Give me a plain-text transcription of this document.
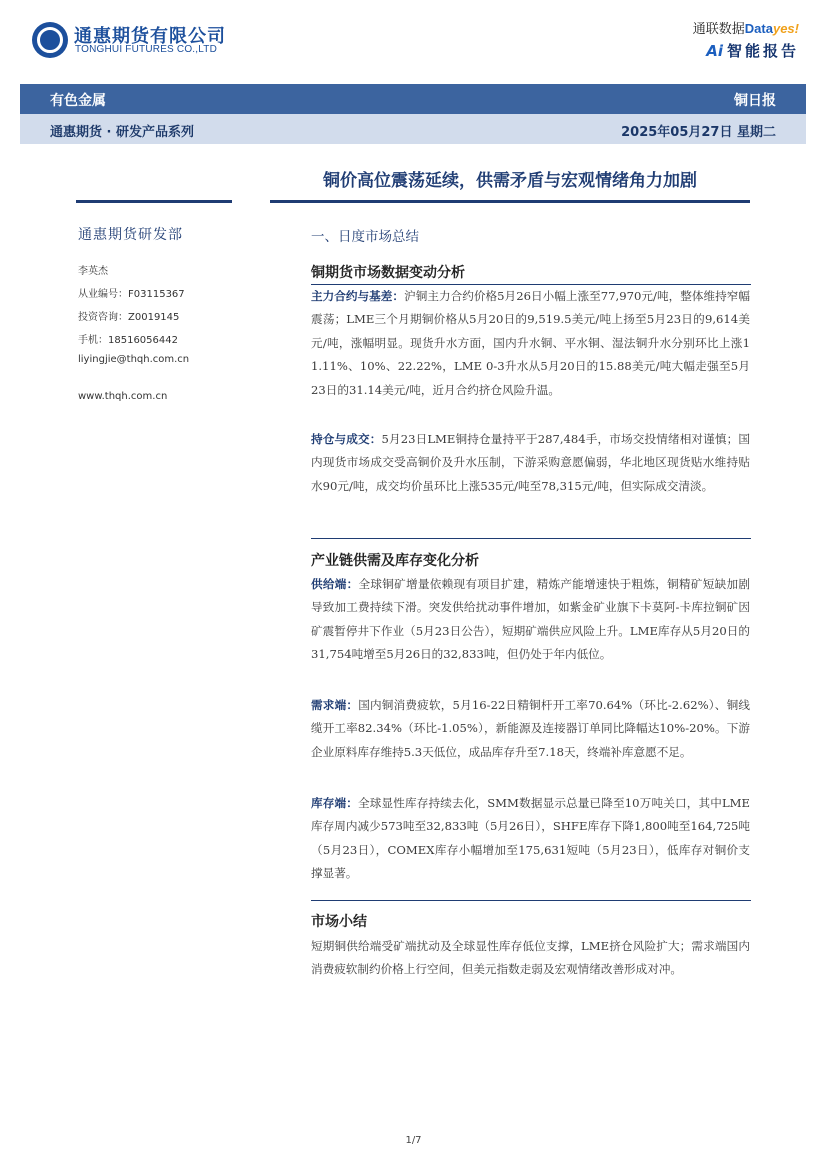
通惠期货有限公司
TONGHUI FUTURES CO.,LTD
通联数据Datayes!
Ai 智能报告
有色金属	铜日报
通惠期货 · 研发产品系列	2025年05月27日 星期二
铜价高位震荡延续，供需矛盾与宏观情绪角力加剧
通惠期货研发部
李英杰
从业编号：F03115367
投资咨询：Z0019145
手机：18516056442
liyingjie@thqh.com.cn
www.thqh.com.cn
一、日度市场总结
铜期货市场数据变动分析
主力合约与基差：沪铜主力合约价格5月26日小幅上涨至77,970元/吨，整体维持窄幅震荡；LME三个月期铜价格从5月20日的9,519.5美元/吨上扬至5月23日的9,614美元/吨，涨幅明显。现货升水方面，国内升水铜、平水铜、湿法铜升水分别环比上涨11.11%、10%、22.22%，LME 0-3升水从5月20日的15.88美元/吨大幅走强至5月23日的31.14美元/吨，近月合约挤仓风险升温。
持仓与成交：5月23日LME铜持仓量持平于287,484手，市场交投情绪相对谨慎；国内现货市场成交受高铜价及升水压制，下游采购意愿偏弱，华北地区现货贴水维持贴水90元/吨，成交均价虽环比上涨535元/吨至78,315元/吨，但实际成交清淡。
产业链供需及库存变化分析
供给端：全球铜矿增量依赖现有项目扩建，精炼产能增速快于粗炼，铜精矿短缺加剧导致加工费持续下滑。突发供给扰动事件增加，如紫金矿业旗下卡莫阿-卡库拉铜矿因矿震暂停井下作业（5月23日公告），短期矿端供应风险上升。LME库存从5月20日的31,754吨增至5月26日的32,833吨，但仍处于年内低位。
需求端：国内铜消费疲软，5月16-22日精铜杆开工率70.64%（环比-2.62%）、铜线缆开工率82.34%（环比-1.05%），新能源及连接器订单同比降幅达10%-20%。下游企业原料库存维持5.3天低位，成品库存升至7.18天，终端补库意愿不足。
库存端：全球显性库存持续去化，SMM数据显示总量已降至10万吨关口，其中LME库存周内减少573吨至32,833吨（5月26日），SHFE库存下降1,800吨至164,725吨（5月23日），COMEX库存小幅增加至175,631短吨（5月23日），低库存对铜价支撑显著。
市场小结
短期铜供给端受矿端扰动及全球显性库存低位支撑，LME挤仓风险扩大；需求端国内消费疲软制约价格上行空间，但美元指数走弱及宏观情绪改善形成对冲。
1/7
